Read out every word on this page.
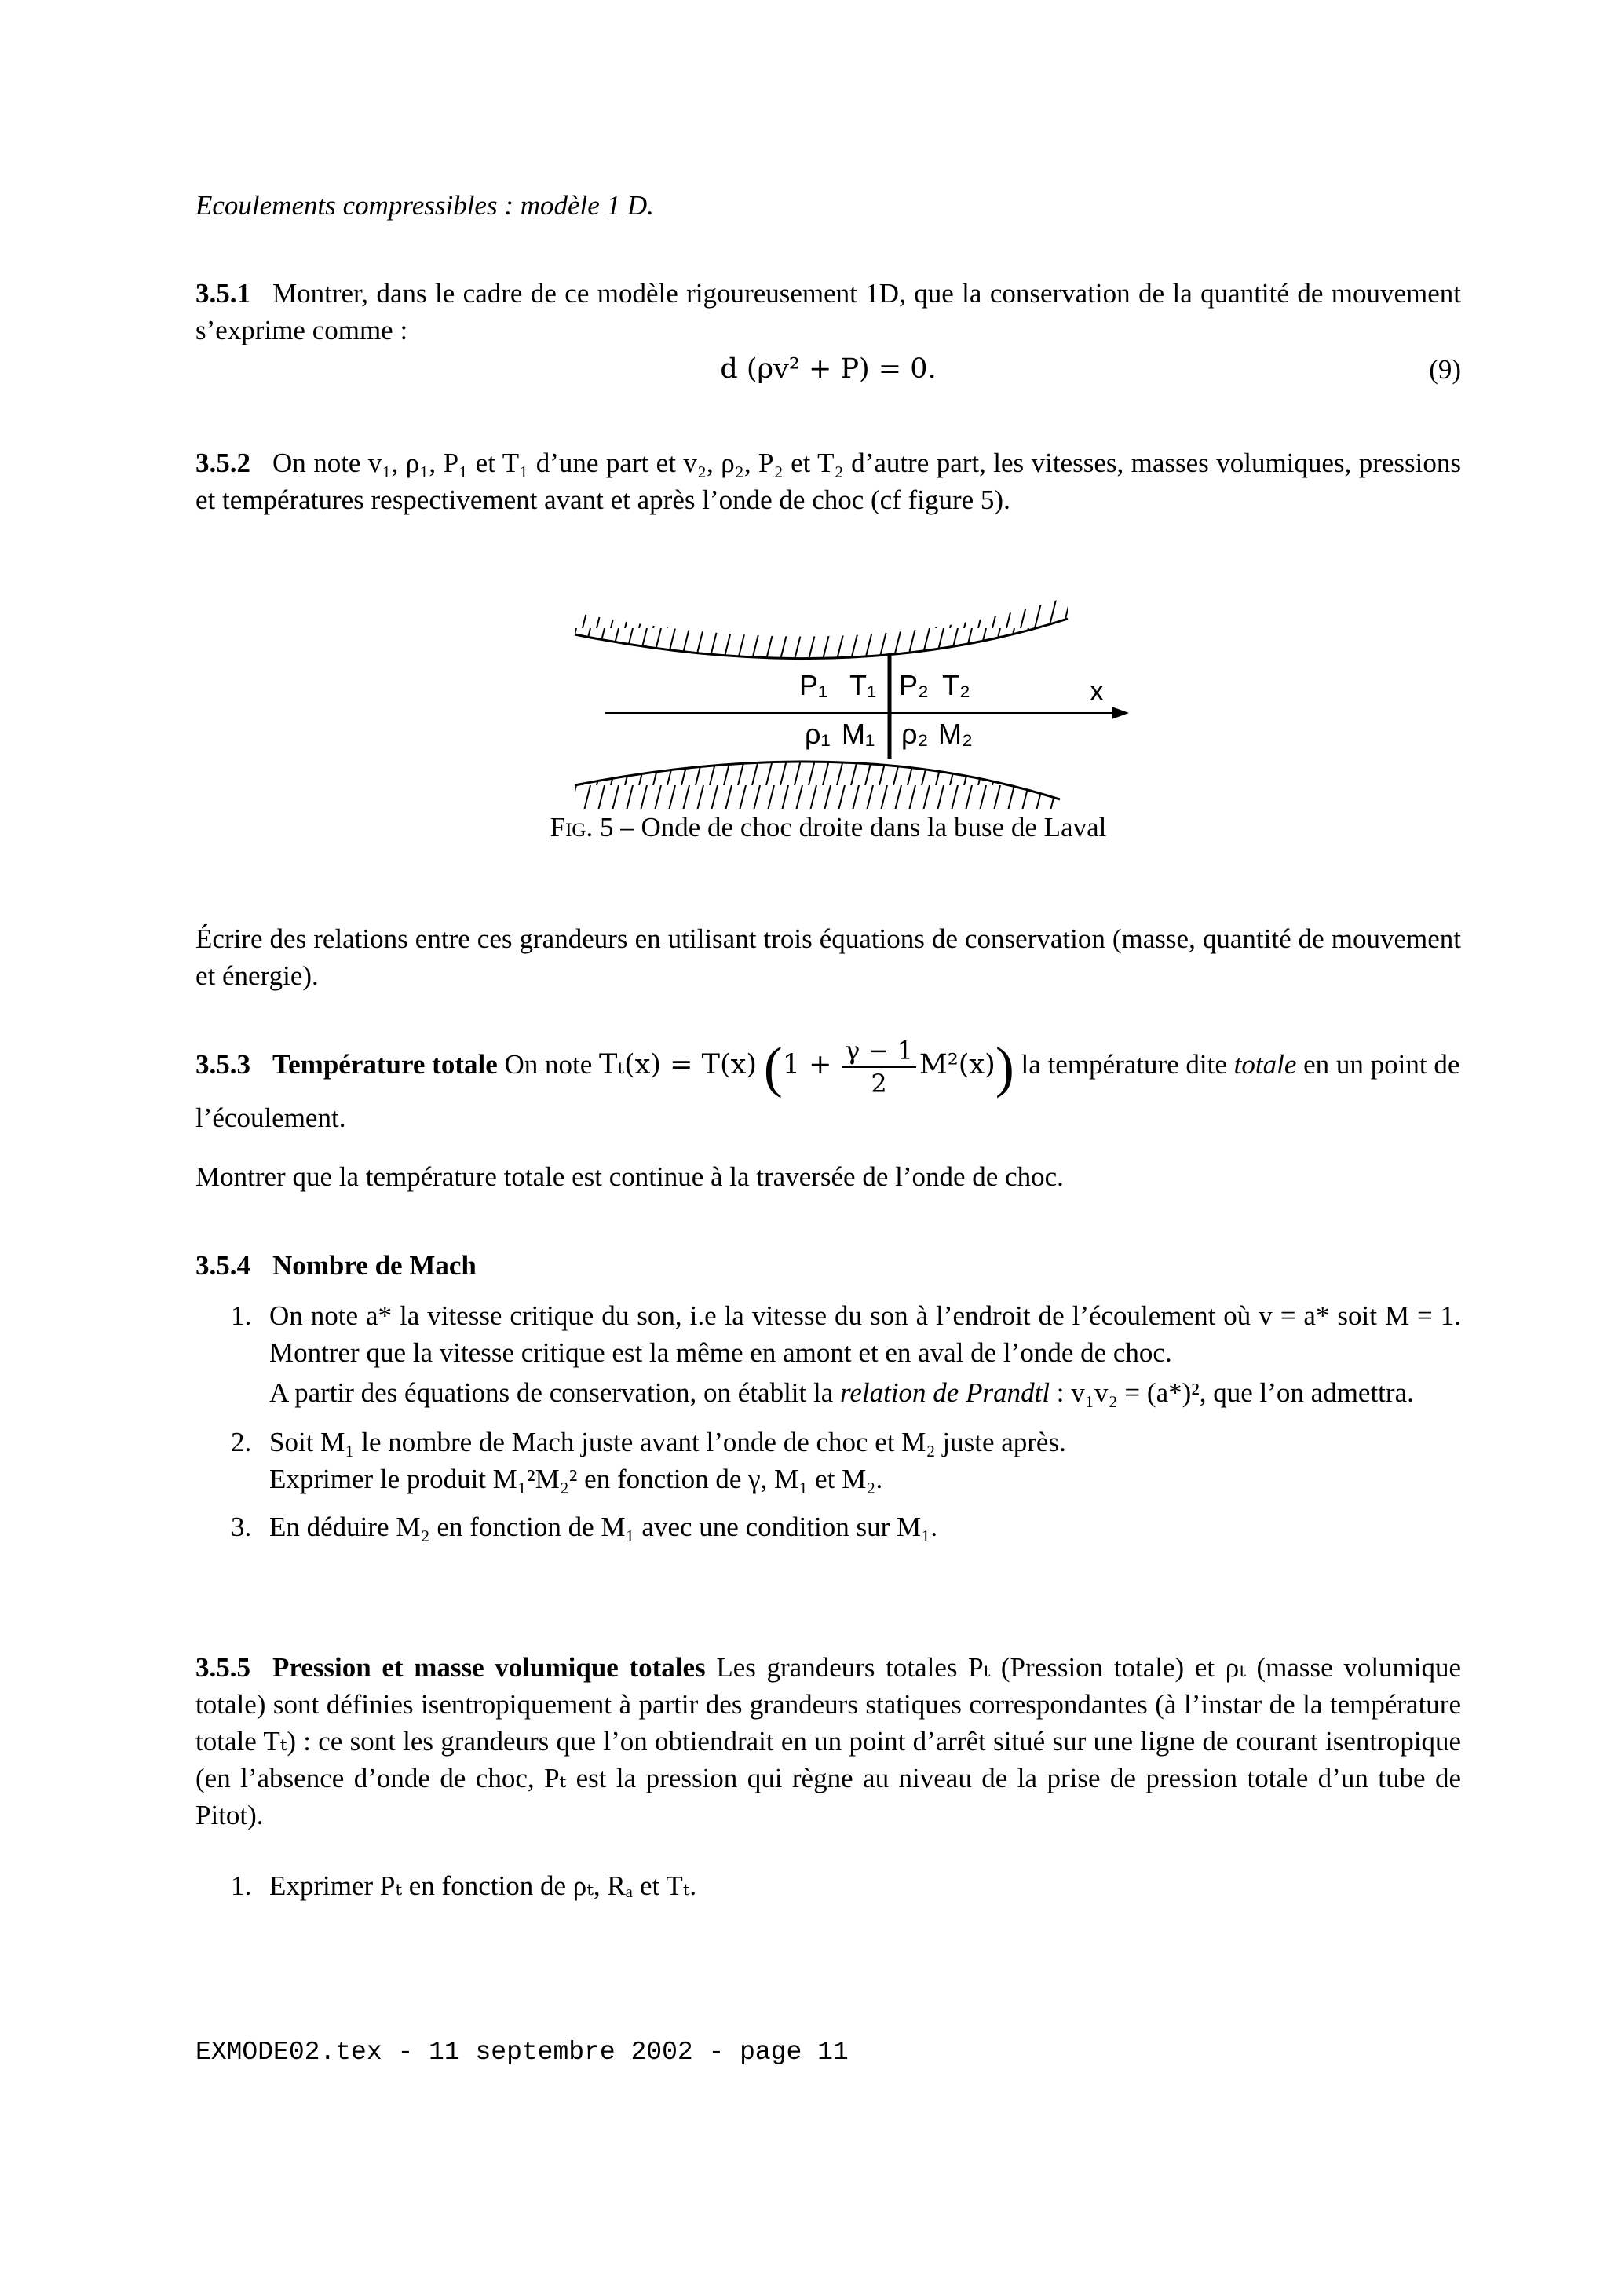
Ecoulements compressibles : modèle 1 D.
3.5.1 Montrer, dans le cadre de ce modèle rigoureusement 1D, que la conservation de la quantité de mouvement s’exprime comme :
d (ρv² + P) = 0.	(9)
3.5.2 On note v₁, ρ₁, P₁ et T₁ d’une part et v₂, ρ₂, P₂ et T₂ d’autre part, les vitesses, masses volumiques, pressions et températures respectivement avant et après l’onde de choc (cf figure 5).
P₁ T₁ P₂ T₂
ρ₁ M₁ ρ₂ M₂
x
Fig. 5 – Onde de choc droite dans la buse de Laval
Écrire des relations entre ces grandeurs en utilisant trois équations de conservation (masse, quantité de mouvement et énergie).
3.5.3 Température totale On note Tₜ(x) = T(x) $(1 + \frac{\gamma - 1}{2} M^2(x))$ la température dite totale en un point de l’écoulement.
Montrer que la température totale est continue à la traversée de l’onde de choc.
3.5.4 Nombre de Mach
1. On note a* la vitesse critique du son, i.e la vitesse du son à l’endroit de l’écoulement où v = a* soit M = 1. Montrer que la vitesse critique est la même en amont et en aval de l’onde de choc.
A partir des équations de conservation, on établit la relation de Prandtl : v₁v₂ = (a*)², que l’on admettra.
2. Soit M₁ le nombre de Mach juste avant l’onde de choc et M₂ juste après.
Exprimer le produit M₁²M₂² en fonction de γ, M₁ et M₂.
3. En déduire M₂ en fonction de M₁ avec une condition sur M₁.
3.5.5 Pression et masse volumique totales Les grandeurs totales Pₜ (Pression totale) et ρₜ (masse volumique totale) sont définies isentropiquement à partir des grandeurs statiques correspondantes (à l’instar de la température totale Tₜ) : ce sont les grandeurs que l’on obtiendrait en un point d’arrêt situé sur une ligne de courant isentropique (en l’absence d’onde de choc, Pₜ est la pression qui règne au niveau de la prise de pression totale d’un tube de Pitot).
1. Exprimer Pₜ en fonction de ρₜ, Rₐ et Tₜ.
EXMODE02.tex - 11 septembre 2002 - page 11
